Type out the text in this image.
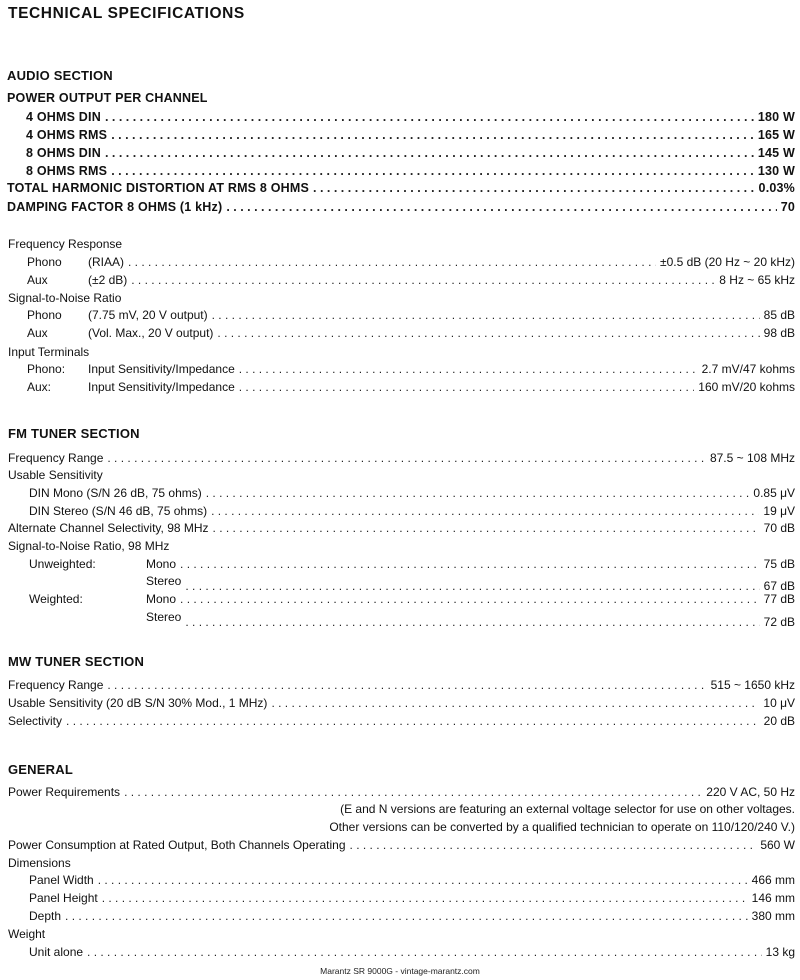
TECHNICAL SPECIFICATIONS
AUDIO SECTION
POWER OUTPUT PER CHANNEL
4 OHMS DIN . . .	180 W
4 OHMS RMS . . .	165 W
8 OHMS DIN . . .	145 W
8 OHMS RMS . . .	130 W
TOTAL HARMONIC DISTORTION AT RMS 8 OHMS . . .	0.03%
DAMPING FACTOR 8 OHMS (1 kHz) . . .	70
Frequency Response
Phono	(RIAA) . . .	±0.5 dB (20 Hz ~ 20 kHz)
Aux	(±2 dB) . . .	8 Hz ~ 65 kHz
Signal-to-Noise Ratio
Phono	(7.75 mV, 20 V output) . . .	85 dB
Aux	(Vol. Max., 20 V output) . . .	98 dB
Input Terminals
Phono:	Input Sensitivity/Impedance . . .	2.7 mV/47 kohms
Aux:	Input Sensitivity/Impedance . . .	160 mV/20 kohms
FM TUNER SECTION
Frequency Range . . .	87.5 ~ 108 MHz
Usable Sensitivity
DIN Mono (S/N 26 dB, 75 ohms) . . .	0.85 μV
DIN Stereo (S/N 46 dB, 75 ohms) . . .	19 μV
Alternate Channel Selectivity, 98 MHz . . .	70 dB
Signal-to-Noise Ratio, 98 MHz
Unweighted:	Mono . . .	75 dB
Stereo . . .	67 dB
Weighted:	Mono . . .	77 dB
Stereo . . .	72 dB
MW TUNER SECTION
Frequency Range . . .	515 ~ 1650 kHz
Usable Sensitivity (20 dB S/N 30% Mod., 1 MHz) . . .	10 μV
Selectivity . . .	20 dB
GENERAL
Power Requirements . . .	220 V AC, 50 Hz
(E and N versions are featuring an external voltage selector for use on other voltages.
Other versions can be converted by a qualified technician to operate on 110/120/240 V.)
Power Consumption at Rated Output, Both Channels Operating . . .	560 W
Dimensions
Panel Width . . .	466 mm
Panel Height . . .	146 mm
Depth . . .	380 mm
Weight
Unit alone . . .	13 kg
Marantz SR 9000G - vintage-marantz.com
